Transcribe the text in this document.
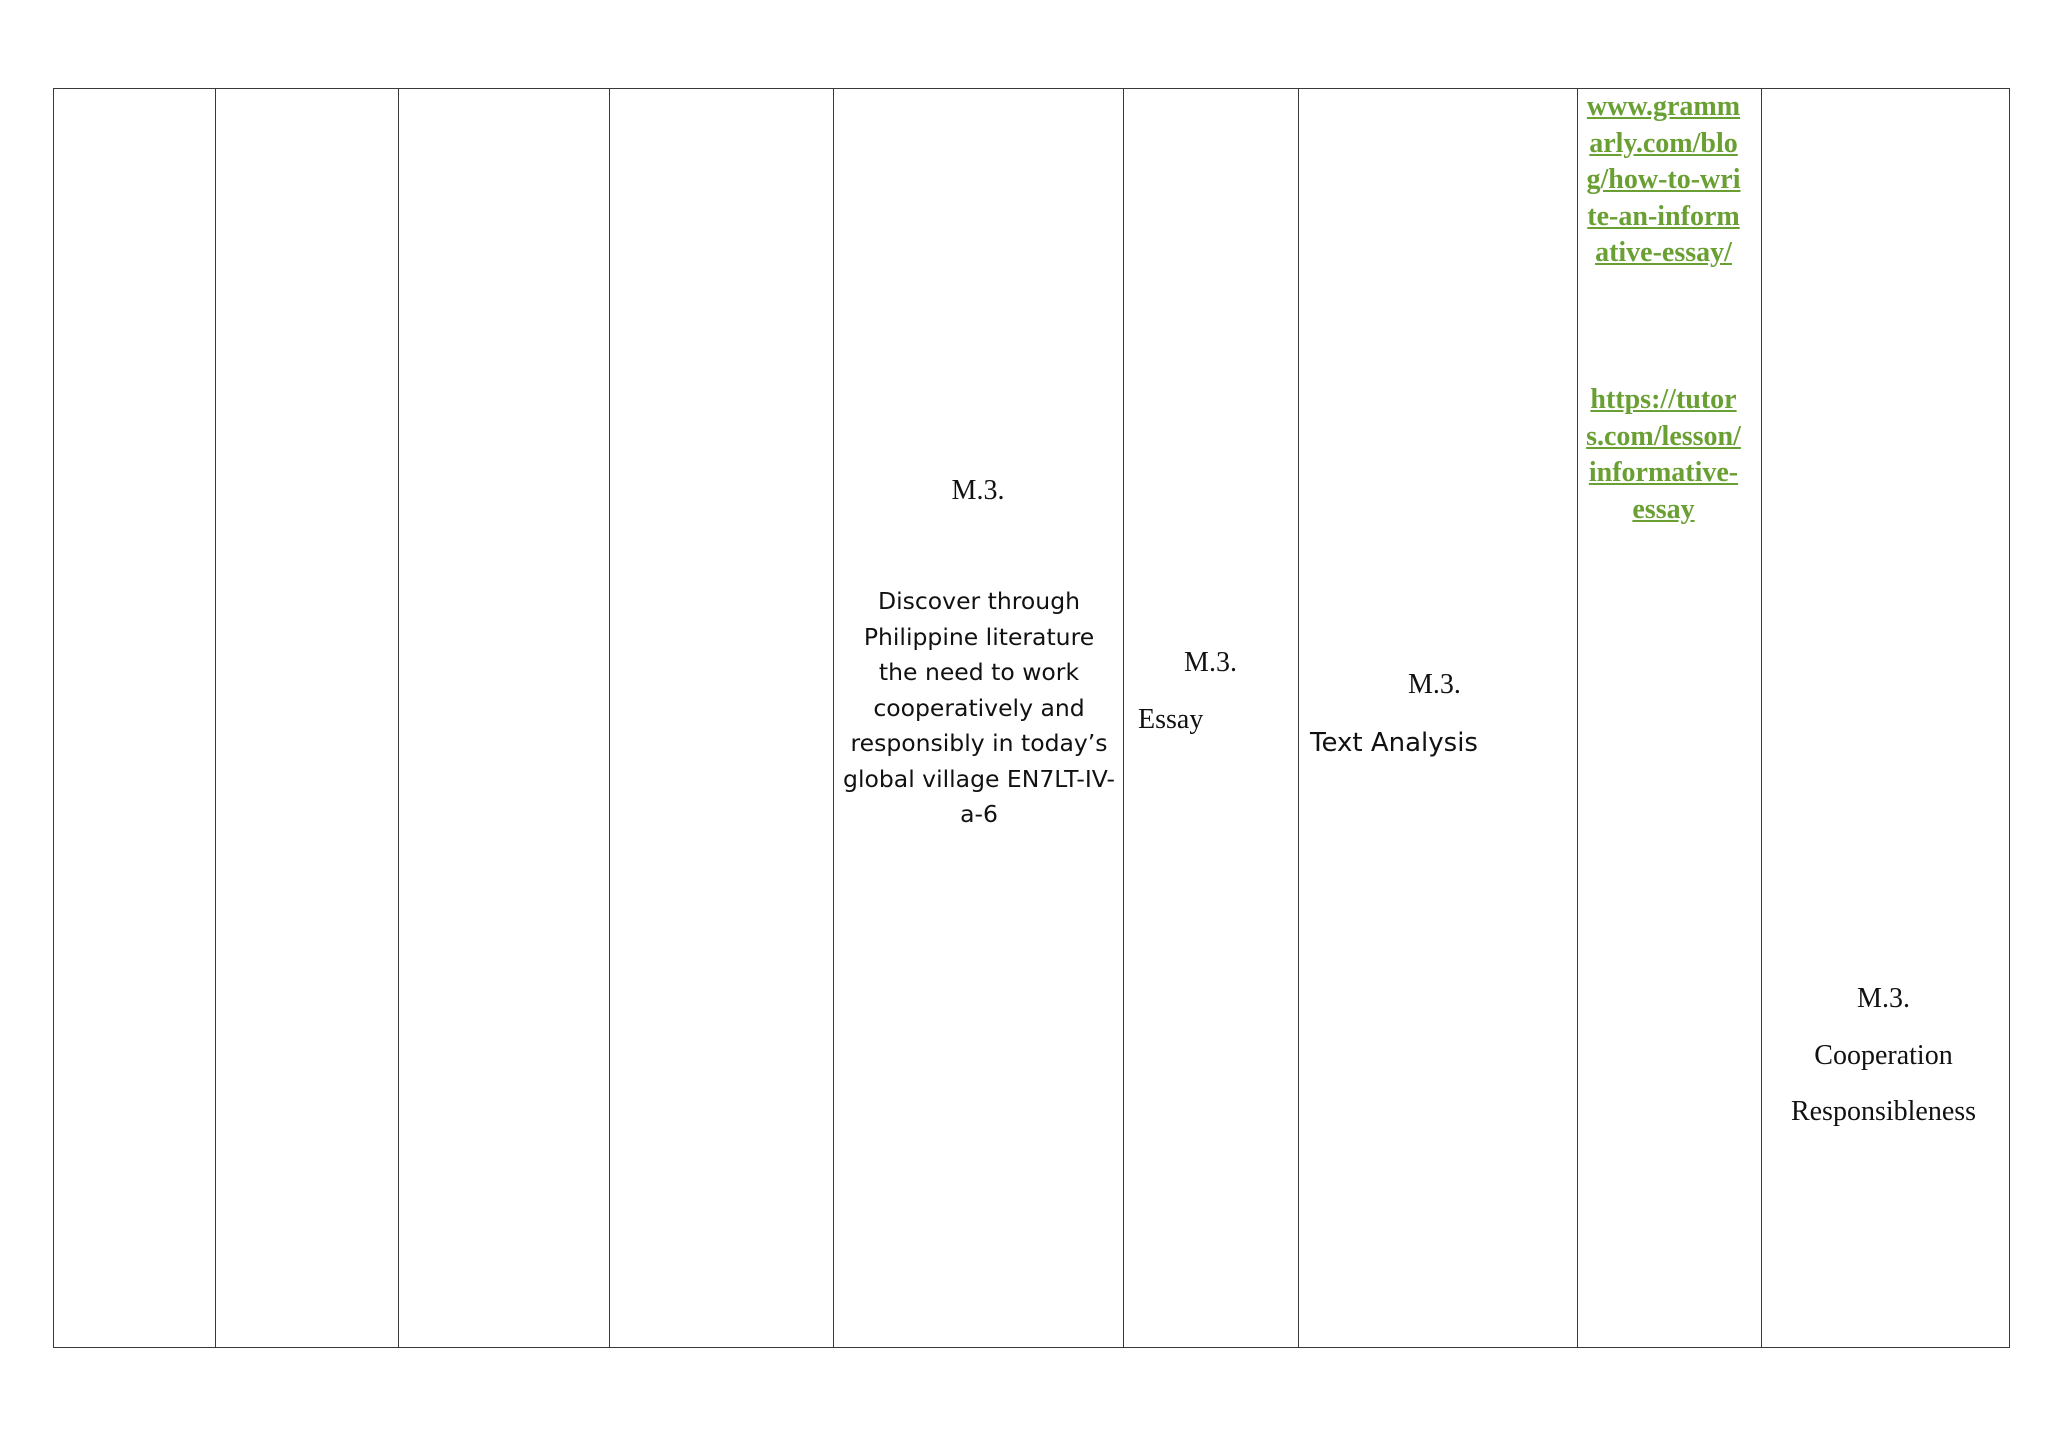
M.3.
Discover through Philippine literature the need to work cooperatively and responsibly in today’s global village EN7LT-IV-a-6
M.3.
Essay
M.3.
Text Analysis
www.grammarly.com/blog/how-to-write-an-informative-essay/
https://tutors.com/lesson/informative-essay
M.3.
Cooperation
Responsibleness
